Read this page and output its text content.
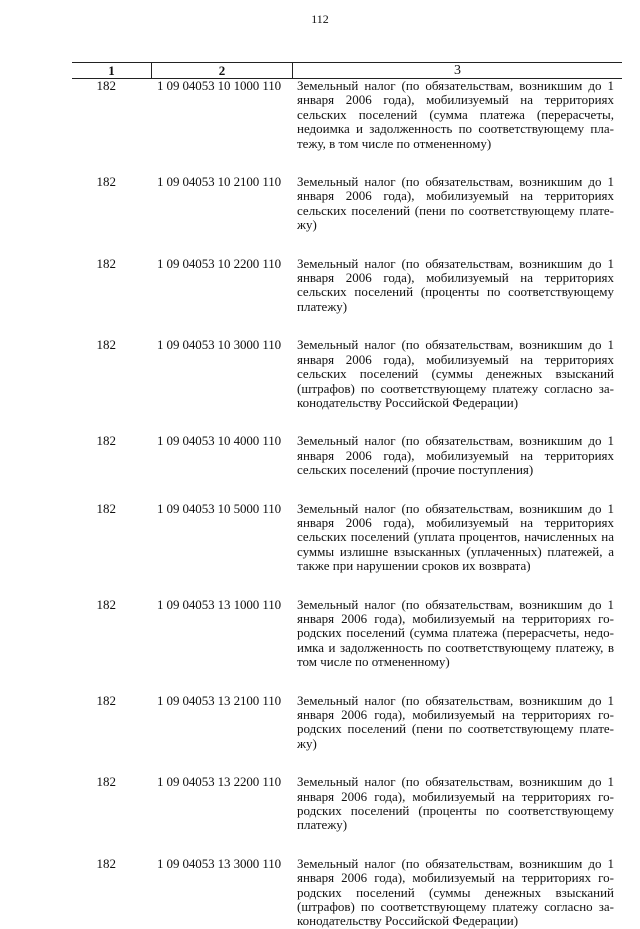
112
1	2	3
182	1 09 04053 10 1000 110	Земельный налог (по обязательствам, возникшим до 1 января 2006 года), мобилизуемый на территориях сельских поселений (сумма платежа (перерасчеты, недоимка и задолженность по соответствующему платежу, в том числе по отмененному)
182	1 09 04053 10 2100 110	Земельный налог (по обязательствам, возникшим до 1 января 2006 года), мобилизуемый на территориях сельских поселений (пени по соответствующему платежу)
182	1 09 04053 10 2200 110	Земельный налог (по обязательствам, возникшим до 1 января 2006 года), мобилизуемый на территориях сельских поселений (проценты по соответствующему платежу)
182	1 09 04053 10 3000 110	Земельный налог (по обязательствам, возникшим до 1 января 2006 года), мобилизуемый на территориях сельских поселений (суммы денежных взысканий (штрафов) по соответствующему платежу согласно законодательству Российской Федерации)
182	1 09 04053 10 4000 110	Земельный налог (по обязательствам, возникшим до 1 января 2006 года), мобилизуемый на территориях сельских поселений (прочие поступления)
182	1 09 04053 10 5000 110	Земельный налог (по обязательствам, возникшим до 1 января 2006 года), мобилизуемый на территориях сельских поселений (уплата процентов, начисленных на суммы излишне взысканных (уплаченных) платежей, а также при нарушении сроков их возврата)
182	1 09 04053 13 1000 110	Земельный налог (по обязательствам, возникшим до 1 января 2006 года), мобилизуемый на территориях городских поселений (сумма платежа (перерасчеты, недоимка и задолженность по соответствующему платежу, в том числе по отмененному)
182	1 09 04053 13 2100 110	Земельный налог (по обязательствам, возникшим до 1 января 2006 года), мобилизуемый на территориях городских поселений (пени по соответствующему платежу)
182	1 09 04053 13 2200 110	Земельный налог (по обязательствам, возникшим до 1 января 2006 года), мобилизуемый на территориях городских поселений (проценты по соответствующему платежу)
182	1 09 04053 13 3000 110	Земельный налог (по обязательствам, возникшим до 1 января 2006 года), мобилизуемый на территориях городских поселений (суммы денежных взысканий (штрафов) по соответствующему платежу согласно законодательству Российской Федерации)
